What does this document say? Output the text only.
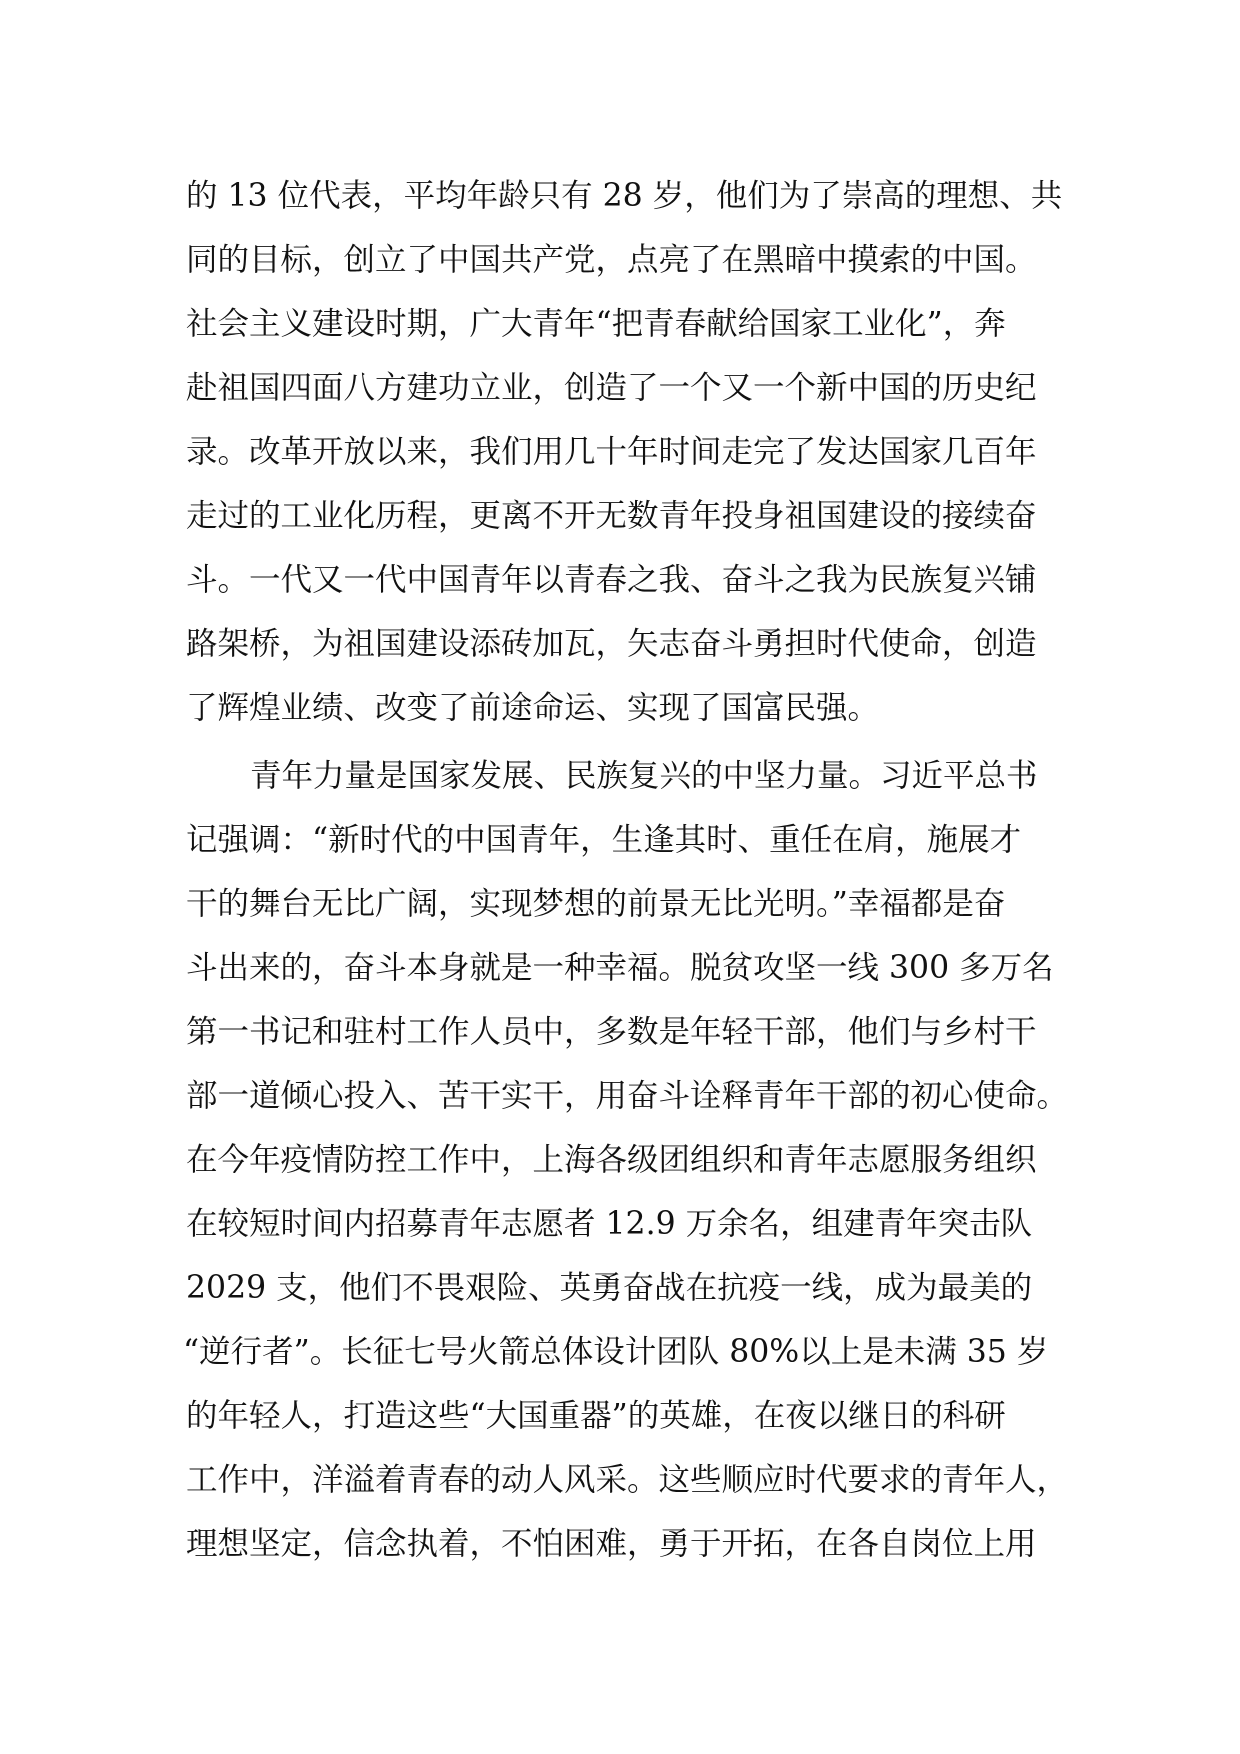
的 13 位代表，平均年龄只有 28 岁，他们为了崇高的理想、共
同的目标，创立了中国共产党，点亮了在黑暗中摸索的中国。
社会主义建设时期，广大青年“把青春献给国家工业化”，奔
赴祖国四面八方建功立业，创造了一个又一个新中国的历史纪
录。改革开放以来，我们用几十年时间走完了发达国家几百年
走过的工业化历程，更离不开无数青年投身祖国建设的接续奋
斗。一代又一代中国青年以青春之我、奋斗之我为民族复兴铺
路架桥，为祖国建设添砖加瓦，矢志奋斗勇担时代使命，创造
了辉煌业绩、改变了前途命运、实现了国富民强。
青年力量是国家发展、民族复兴的中坚力量。习近平总书
记强调：“新时代的中国青年，生逢其时、重任在肩，施展才
干的舞台无比广阔，实现梦想的前景无比光明。”幸福都是奋
斗出来的，奋斗本身就是一种幸福。脱贫攻坚一线 300 多万名
第一书记和驻村工作人员中，多数是年轻干部，他们与乡村干
部一道倾心投入、苦干实干，用奋斗诠释青年干部的初心使命。
在今年疫情防控工作中，上海各级团组织和青年志愿服务组织
在较短时间内招募青年志愿者 12.9 万余名，组建青年突击队
2029 支，他们不畏艰险、英勇奋战在抗疫一线，成为最美的
“逆行者”。长征七号火箭总体设计团队 80%以上是未满 35 岁
的年轻人，打造这些“大国重器”的英雄，在夜以继日的科研
工作中，洋溢着青春的动人风采。这些顺应时代要求的青年人，
理想坚定，信念执着，不怕困难，勇于开拓，在各自岗位上用
